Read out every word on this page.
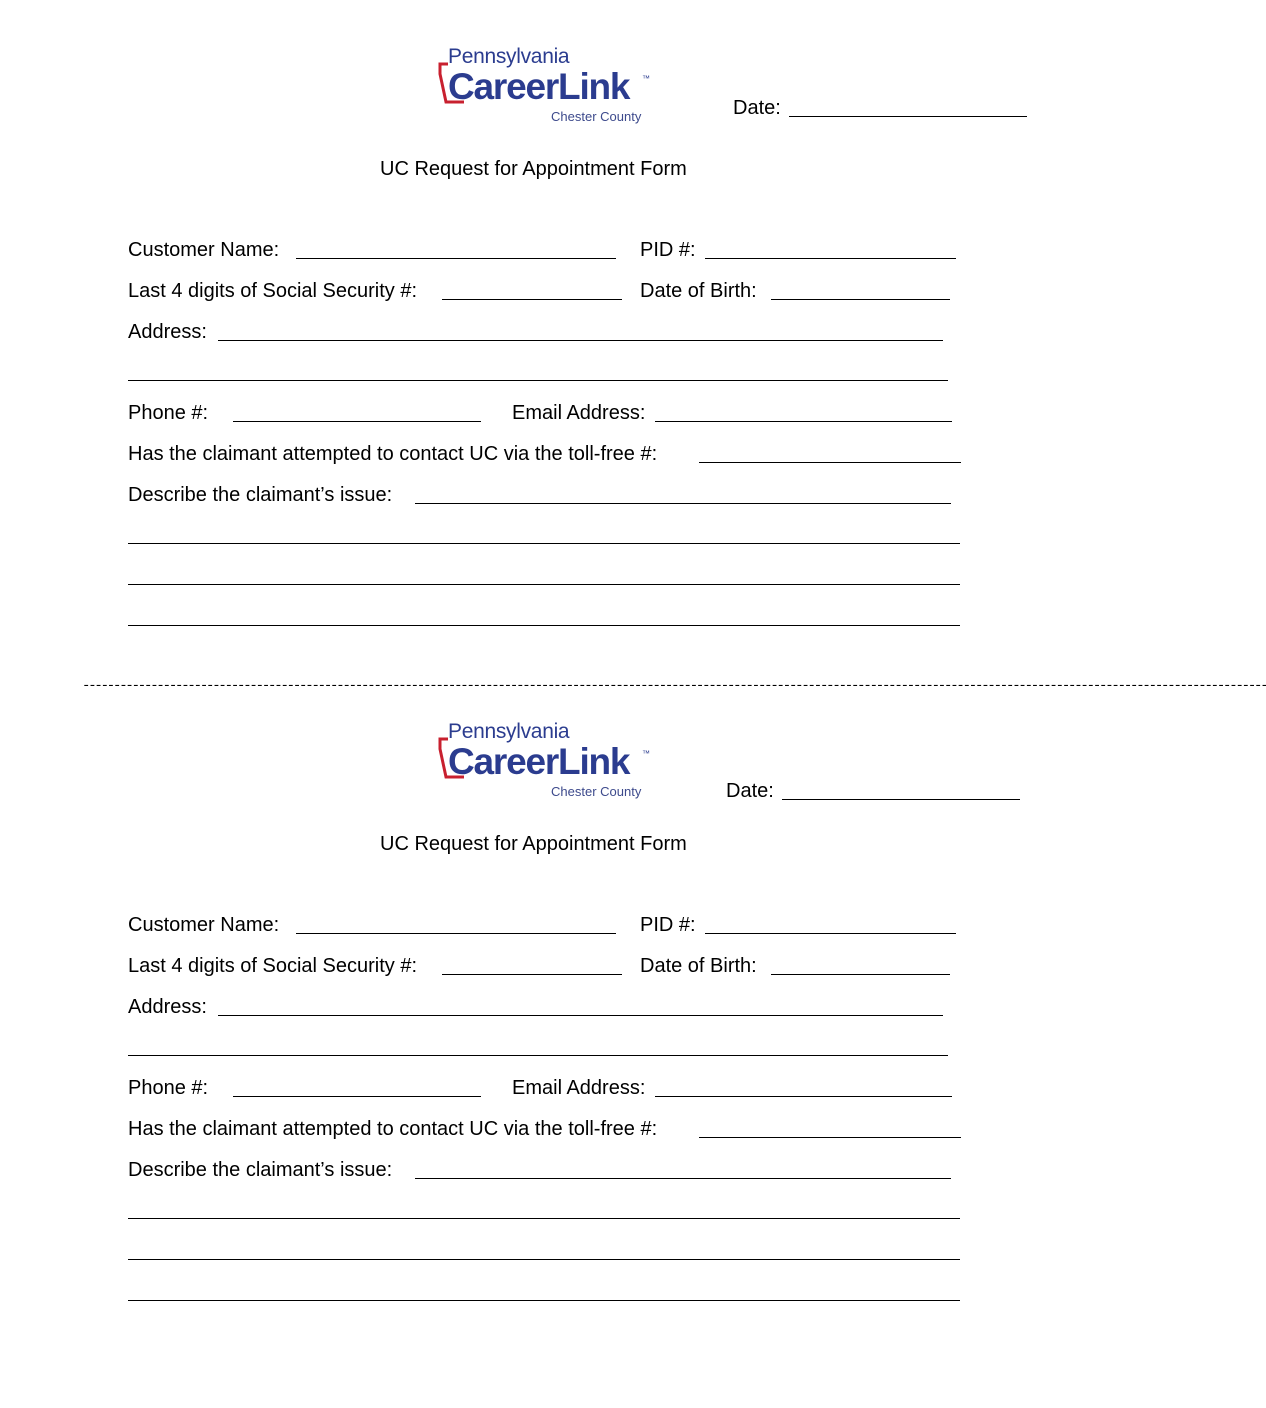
Pennsylvania
CareerLink ™
Chester County	Date:
UC Request for Appointment Form
Customer Name:	PID #:
Last 4 digits of Social Security #:	Date of Birth:
Address:
Phone #:	Email Address:
Has the claimant attempted to contact UC via the toll-free #:
Describe the claimant’s issue:
-----------------------------------------------------------------------------------------------------------------------------------------------------------------------------------------------
Pennsylvania
CareerLink ™
Chester County	Date:
UC Request for Appointment Form
Customer Name:	PID #:
Last 4 digits of Social Security #:	Date of Birth:
Address:
Phone #:	Email Address:
Has the claimant attempted to contact UC via the toll-free #:
Describe the claimant’s issue:
